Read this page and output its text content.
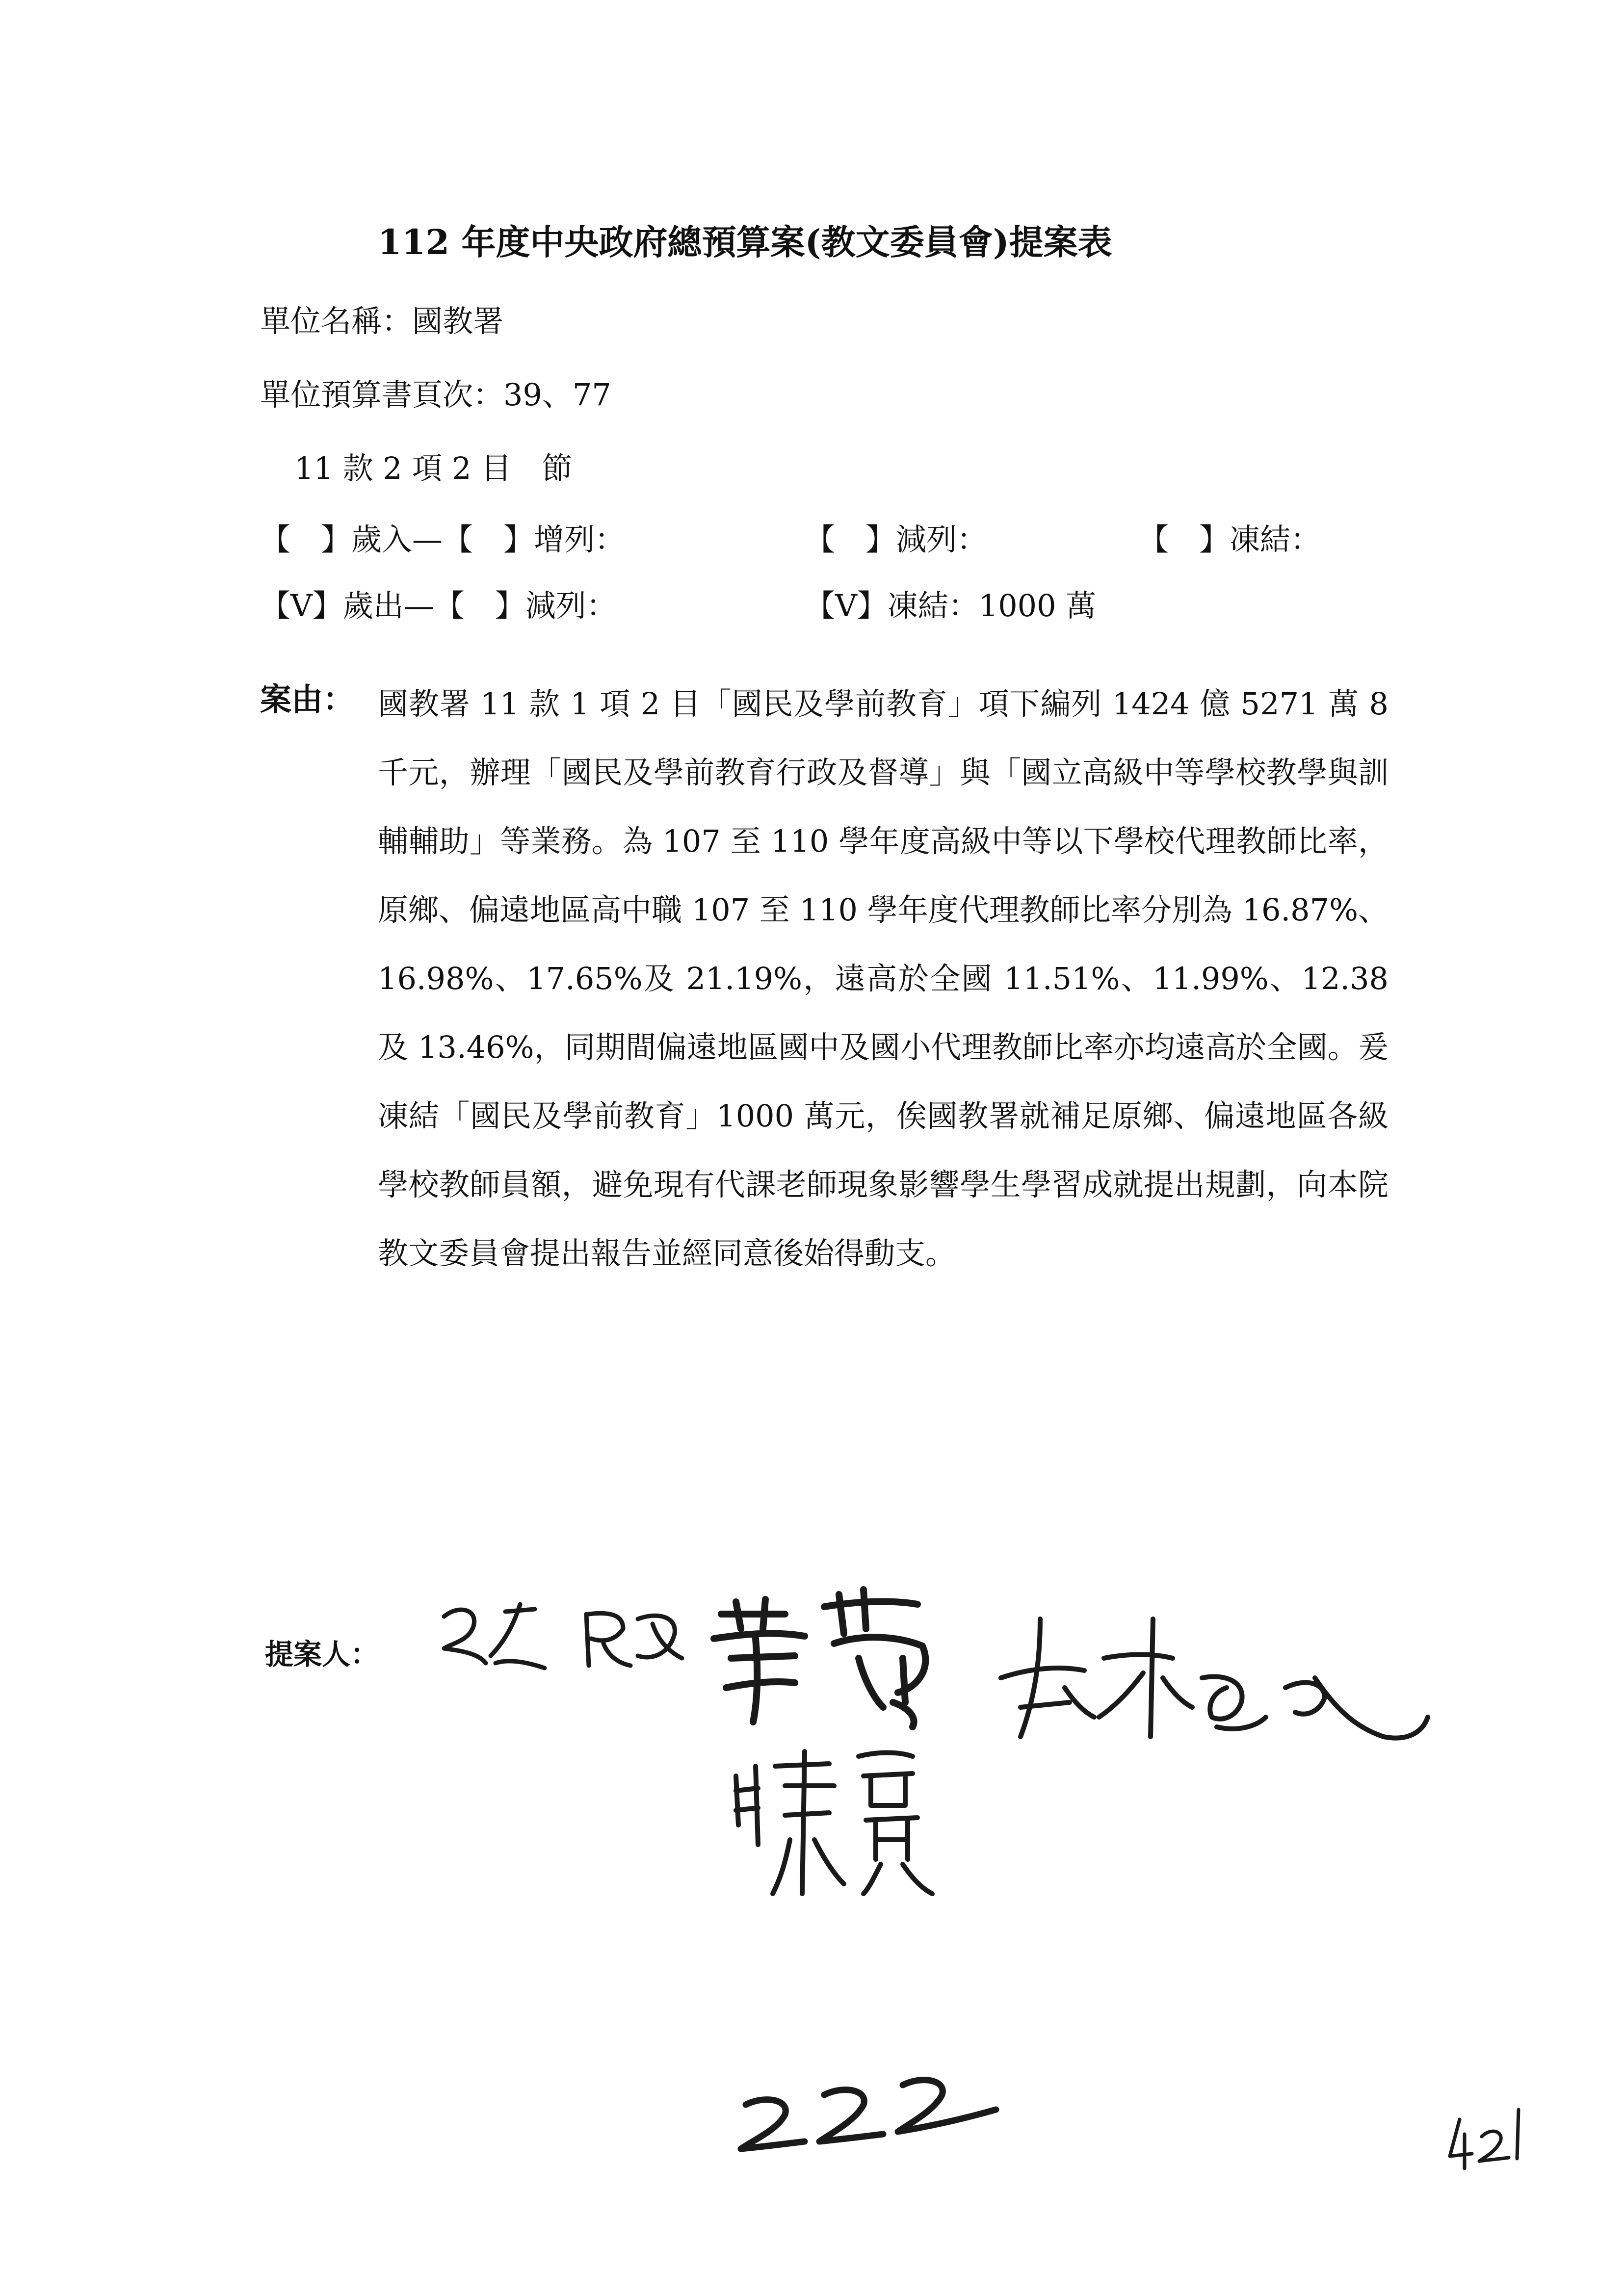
112 年度中央政府總預算案(教文委員會)提案表
單位名稱：國教署
單位預算書頁次：39、77
11 款 2 項 2 目　節
【　】歲入—【　】增列：	【　】減列：	【　】凍結：
【V】歲出—【　】減列：	【V】凍結：1000 萬
案由： 國教署 11 款 1 項 2 目「國民及學前教育」項下編列 1424 億 5271 萬 8 千元，辦理「國民及學前教育行政及督導」與「國立高級中等學校教學與訓輔輔助」等業務。為 107 至 110 學年度高級中等以下學校代理教師比率，原鄉、偏遠地區高中職 107 至 110 學年度代理教師比率分別為 16.87%、16.98%、17.65%及 21.19%，遠高於全國 11.51%、11.99%、12.38 及 13.46%，同期間偏遠地區國中及國小代理教師比率亦均遠高於全國。爰凍結「國民及學前教育」1000 萬元，俟國教署就補足原鄉、偏遠地區各級學校教師員額，避免現有代課老師現象影響學生學習成就提出規劃，向本院教文委員會提出報告並經同意後始得動支。
提案人：
